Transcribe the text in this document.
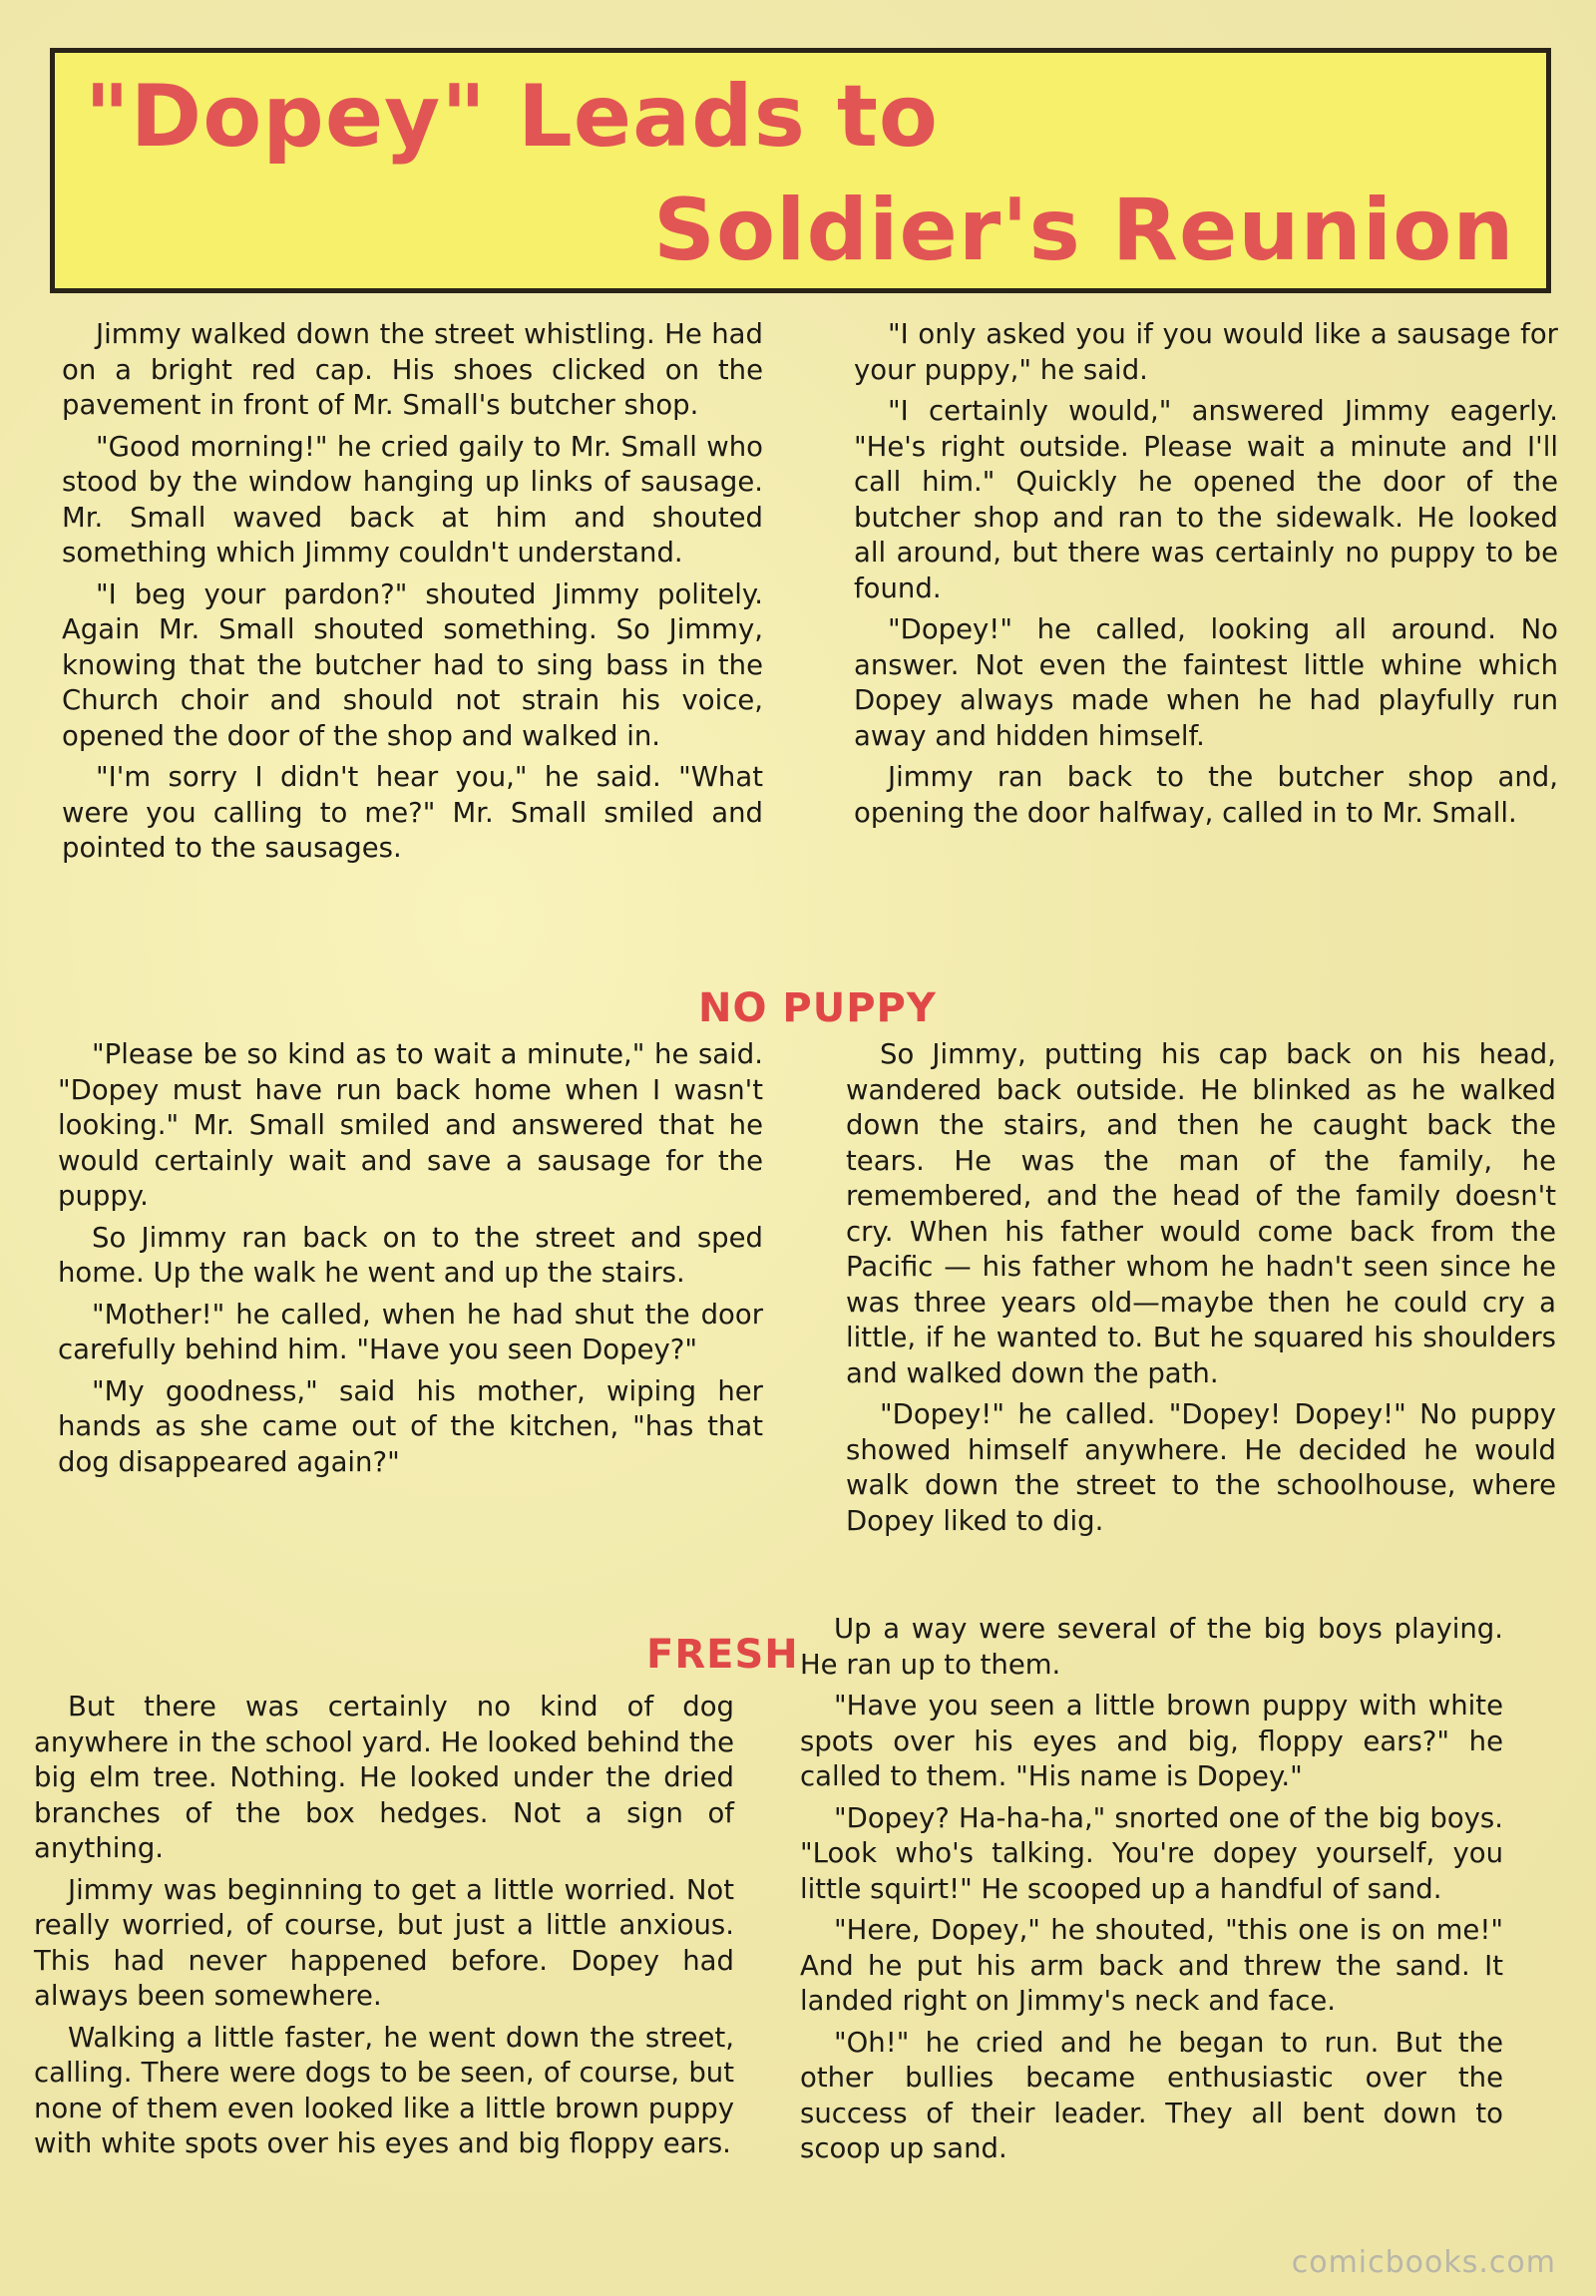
"Dopey" Leads to
Soldier's Reunion

Jimmy walked down the street whistling. He had on a bright red cap. His shoes clicked on the pavement in front of Mr. Small's butcher shop.

"Good morning!" he cried gaily to Mr. Small who stood by the window hanging up links of sausage. Mr. Small waved back at him and shouted something which Jimmy couldn't understand.

"I beg your pardon?" shouted Jimmy politely. Again Mr. Small shouted something. So Jimmy, knowing that the butcher had to sing bass in the Church choir and should not strain his voice, opened the door of the shop and walked in.

"I'm sorry I didn't hear you," he said. "What were you calling to me?" Mr. Small smiled and pointed to the sausages.

"I only asked you if you would like a sausage for your puppy," he said.

"I certainly would," answered Jimmy eagerly. "He's right outside. Please wait a minute and I'll call him." Quickly he opened the door of the butcher shop and ran to the sidewalk. He looked all around, but there was certainly no puppy to be found.

"Dopey!" he called, looking all around. No answer. Not even the faintest little whine which Dopey always made when he had playfully run away and hidden himself.

Jimmy ran back to the butcher shop and, opening the door halfway, called in to Mr. Small.

NO PUPPY

"Please be so kind as to wait a minute," he said. "Dopey must have run back home when I wasn't looking." Mr. Small smiled and answered that he would certainly wait and save a sausage for the puppy.

So Jimmy ran back on to the street and sped home. Up the walk he went and up the stairs.

"Mother!" he called, when he had shut the door carefully behind him. "Have you seen Dopey?"

"My goodness," said his mother, wiping her hands as she came out of the kitchen, "has that dog disappeared again?"

So Jimmy, putting his cap back on his head, wandered back outside. He blinked as he walked down the stairs, and then he caught back the tears. He was the man of the family, he remembered, and the head of the family doesn't cry. When his father would come back from the Pacific — his father whom he hadn't seen since he was three years old—maybe then he could cry a little, if he wanted to. But he squared his shoulders and walked down the path.

"Dopey!" he called. "Dopey! Dopey!" No puppy showed himself anywhere. He decided he would walk down the street to the schoolhouse, where Dopey liked to dig.

FRESH

But there was certainly no kind of dog anywhere in the school yard. He looked behind the big elm tree. Nothing. He looked under the dried branches of the box hedges. Not a sign of anything.

Jimmy was beginning to get a little worried. Not really worried, of course, but just a little anxious. This had never happened before. Dopey had always been somewhere.

Walking a little faster, he went down the street, calling. There were dogs to be seen, of course, but none of them even looked like a little brown puppy with white spots over his eyes and big floppy ears.

Up a way were several of the big boys playing. He ran up to them.

"Have you seen a little brown puppy with white spots over his eyes and big, floppy ears?" he called to them. "His name is Dopey."

"Dopey? Ha-ha-ha," snorted one of the big boys. "Look who's talking. You're dopey yourself, you little squirt!" He scooped up a handful of sand.

"Here, Dopey," he shouted, "this one is on me!" And he put his arm back and threw the sand. It landed right on Jimmy's neck and face.

"Oh!" he cried and he began to run. But the other bullies became enthusiastic over the success of their leader. They all bent down to scoop up sand.

comicbooks.com
